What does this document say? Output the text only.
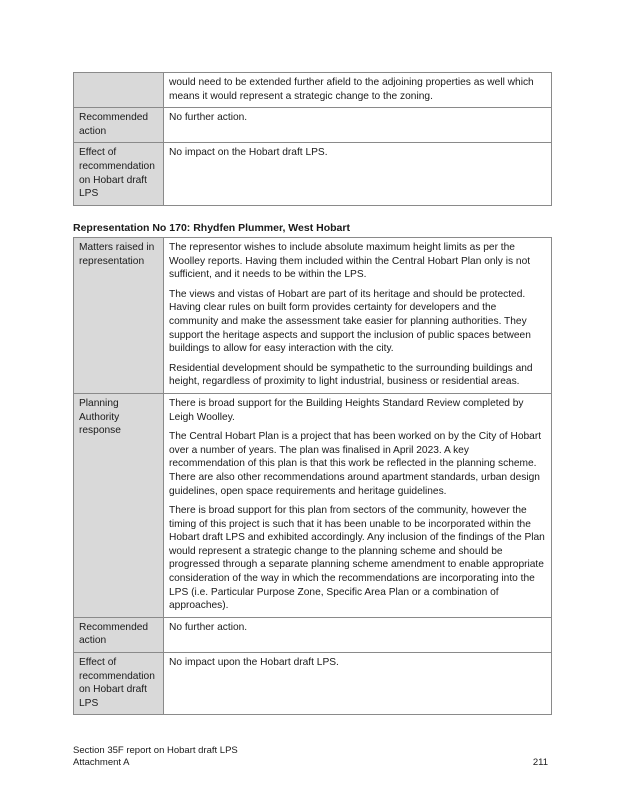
	would need to be extended further afield to the adjoining properties as well which means it would represent a strategic change to the zoning.

Recommended action	No further action.

Effect of recommendation on Hobart draft LPS	No impact on the Hobart draft LPS.

Representation No 170: Rhydfen Plummer, West Hobart

Matters raised in representation	The representor wishes to include absolute maximum height limits as per the Woolley reports. Having them included within the Central Hobart Plan only is not sufficient, and it needs to be within the LPS.

The views and vistas of Hobart are part of its heritage and should be protected. Having clear rules on built form provides certainty for developers and the community and make the assessment take easier for planning authorities. They support the heritage aspects and support the inclusion of public spaces between buildings to allow for easy interaction with the city.

Residential development should be sympathetic to the surrounding buildings and height, regardless of proximity to light industrial, business or residential areas.

Planning Authority response	There is broad support for the Building Heights Standard Review completed by Leigh Woolley.

The Central Hobart Plan is a project that has been worked on by the City of Hobart over a number of years. The plan was finalised in April 2023. A key recommendation of this plan is that this work be reflected in the planning scheme. There are also other recommendations around apartment standards, urban design guidelines, open space requirements and heritage guidelines.

There is broad support for this plan from sectors of the community, however the timing of this project is such that it has been unable to be incorporated within the Hobart draft LPS and exhibited accordingly. Any inclusion of the findings of the Plan would represent a strategic change to the planning scheme and should be progressed through a separate planning scheme amendment to enable appropriate consideration of the way in which the recommendations are incorporating into the LPS (i.e. Particular Purpose Zone, Specific Area Plan or a combination of approaches).

Recommended action	No further action.

Effect of recommendation on Hobart draft LPS	No impact upon the Hobart draft LPS.

Section 35F report on Hobart draft LPS
Attachment A	211
